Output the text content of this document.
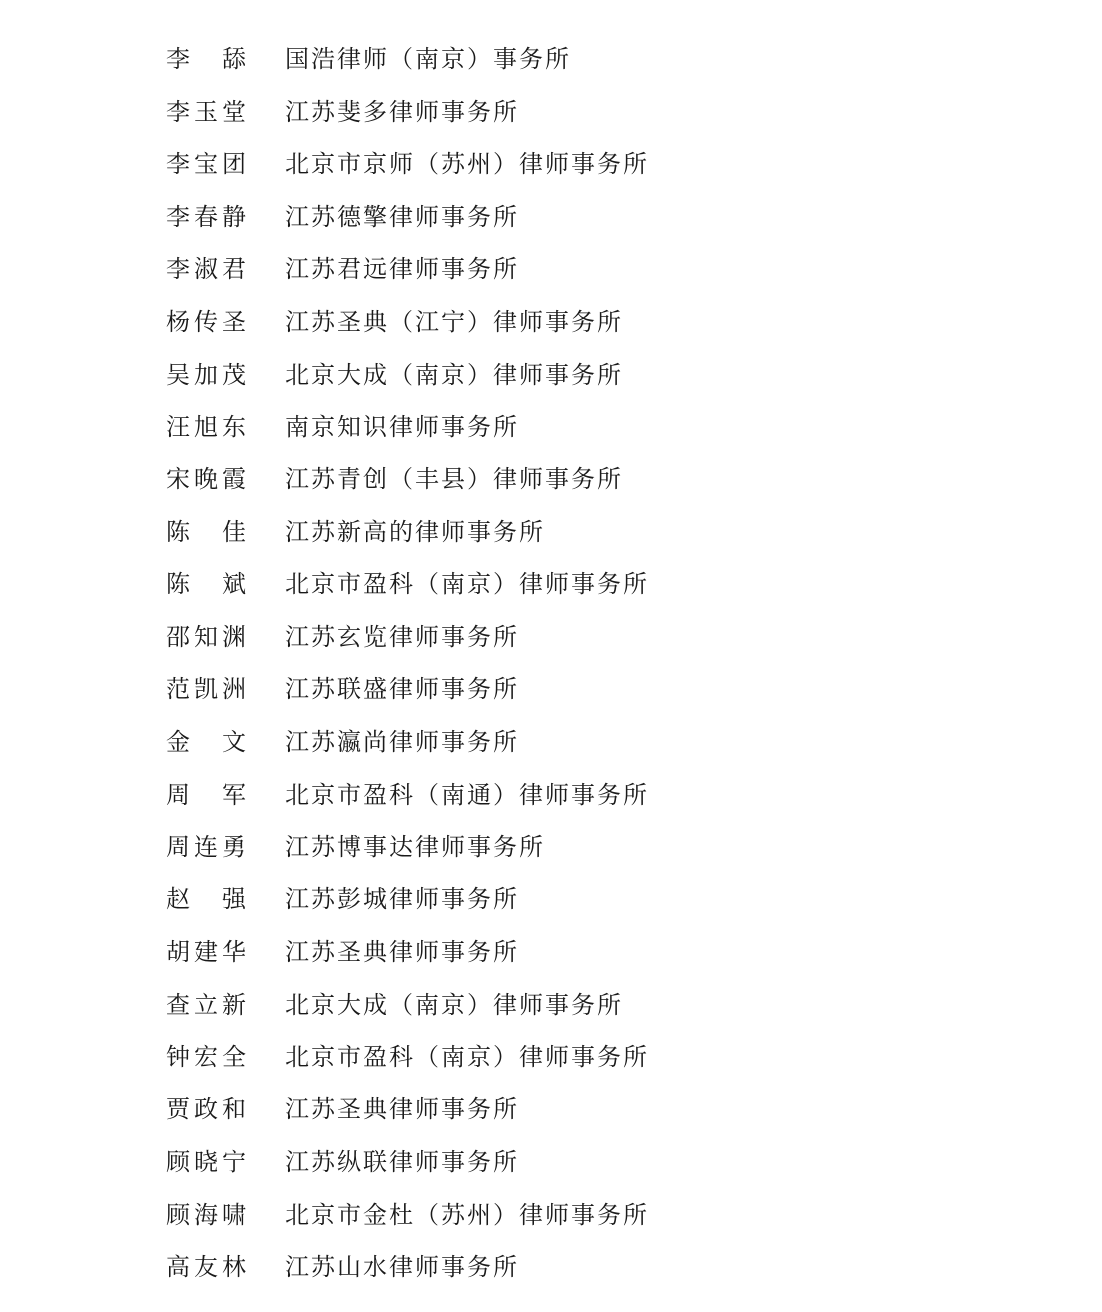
李　舔 国浩律师（南京）事务所
李玉堂 江苏斐多律师事务所
李宝团 北京市京师（苏州）律师事务所
李春静 江苏德擎律师事务所
李淑君 江苏君远律师事务所
杨传圣 江苏圣典（江宁）律师事务所
吴加茂 北京大成（南京）律师事务所
汪旭东 南京知识律师事务所
宋晚霞 江苏青创（丰县）律师事务所
陈　佳 江苏新高的律师事务所
陈　斌 北京市盈科（南京）律师事务所
邵知渊 江苏玄览律师事务所
范凯洲 江苏联盛律师事务所
金　文 江苏瀛尚律师事务所
周　军 北京市盈科（南通）律师事务所
周连勇 江苏博事达律师事务所
赵　强 江苏彭城律师事务所
胡建华 江苏圣典律师事务所
查立新 北京大成（南京）律师事务所
钟宏全 北京市盈科（南京）律师事务所
贾政和 江苏圣典律师事务所
顾晓宁 江苏纵联律师事务所
顾海啸 北京市金杜（苏州）律师事务所
高友林 江苏山水律师事务所
